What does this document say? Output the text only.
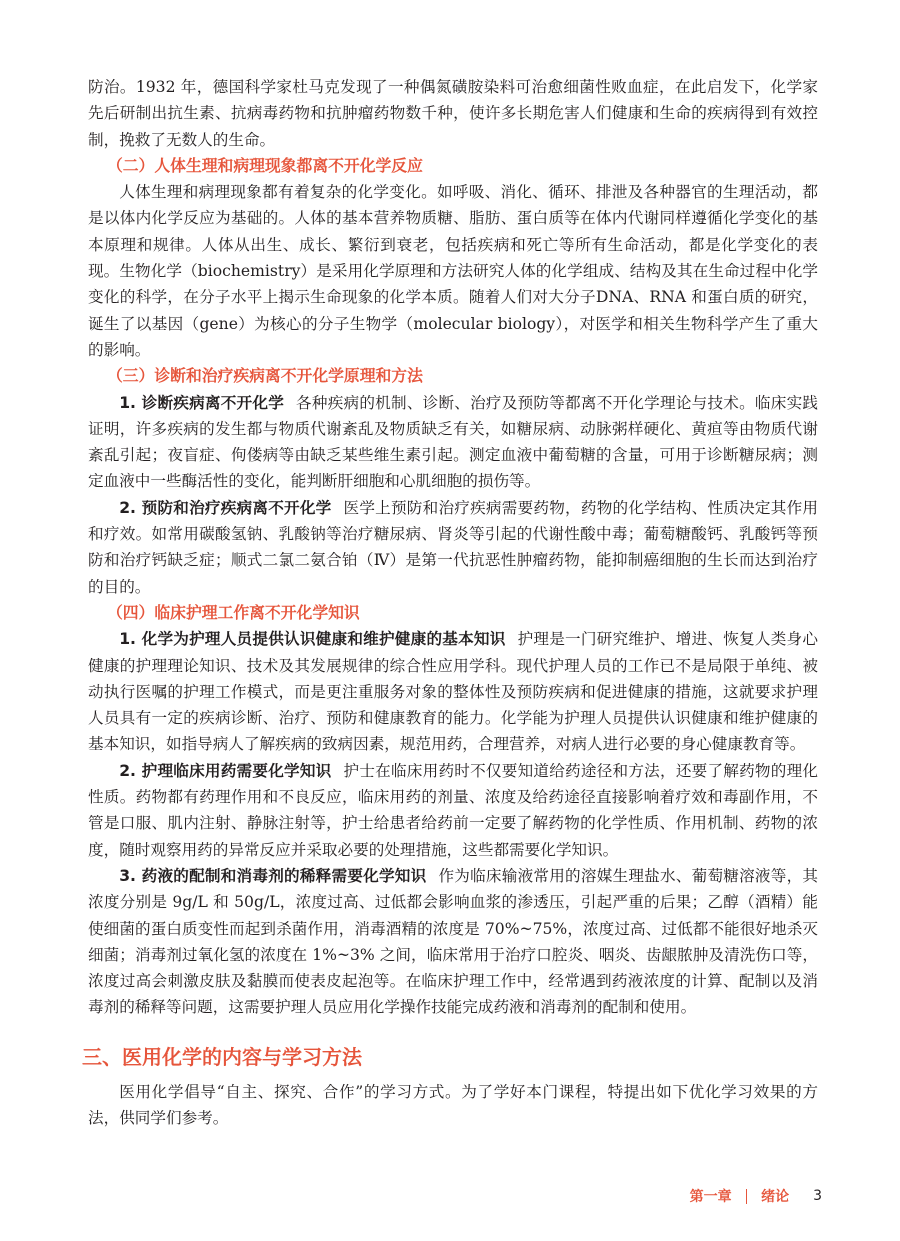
防治。1932 年，德国科学家杜马克发现了一种偶氮磺胺染料可治愈细菌性败血症，在此启发下，化学家先后研制出抗生素、抗病毒药物和抗肿瘤药物数千种，使许多长期危害人们健康和生命的疾病得到有效控制，挽救了无数人的生命。

（二）人体生理和病理现象都离不开化学反应

人体生理和病理现象都有着复杂的化学变化。如呼吸、消化、循环、排泄及各种器官的生理活动，都是以体内化学反应为基础的。人体的基本营养物质糖、脂肪、蛋白质等在体内代谢同样遵循化学变化的基本原理和规律。人体从出生、成长、繁衍到衰老，包括疾病和死亡等所有生命活动，都是化学变化的表现。生物化学（biochemistry）是采用化学原理和方法研究人体的化学组成、结构及其在生命过程中化学变化的科学，在分子水平上揭示生命现象的化学本质。随着人们对大分子DNA、RNA 和蛋白质的研究，诞生了以基因（gene）为核心的分子生物学（molecular biology），对医学和相关生物科学产生了重大的影响。

（三）诊断和治疗疾病离不开化学原理和方法

1. 诊断疾病离不开化学 各种疾病的机制、诊断、治疗及预防等都离不开化学理论与技术。临床实践证明，许多疾病的发生都与物质代谢紊乱及物质缺乏有关，如糖尿病、动脉粥样硬化、黄疸等由物质代谢紊乱引起；夜盲症、佝偻病等由缺乏某些维生素引起。测定血液中葡萄糖的含量，可用于诊断糖尿病；测定血液中一些酶活性的变化，能判断肝细胞和心肌细胞的损伤等。

2. 预防和治疗疾病离不开化学 医学上预防和治疗疾病需要药物，药物的化学结构、性质决定其作用和疗效。如常用碳酸氢钠、乳酸钠等治疗糖尿病、肾炎等引起的代谢性酸中毒；葡萄糖酸钙、乳酸钙等预防和治疗钙缺乏症；顺式二氯二氨合铂（Ⅳ）是第一代抗恶性肿瘤药物，能抑制癌细胞的生长而达到治疗的目的。

（四）临床护理工作离不开化学知识

1. 化学为护理人员提供认识健康和维护健康的基本知识 护理是一门研究维护、增进、恢复人类身心健康的护理理论知识、技术及其发展规律的综合性应用学科。现代护理人员的工作已不是局限于单纯、被动执行医嘱的护理工作模式，而是更注重服务对象的整体性及预防疾病和促进健康的措施，这就要求护理人员具有一定的疾病诊断、治疗、预防和健康教育的能力。化学能为护理人员提供认识健康和维护健康的基本知识，如指导病人了解疾病的致病因素，规范用药，合理营养，对病人进行必要的身心健康教育等。

2. 护理临床用药需要化学知识 护士在临床用药时不仅要知道给药途径和方法，还要了解药物的理化性质。药物都有药理作用和不良反应，临床用药的剂量、浓度及给药途径直接影响着疗效和毒副作用，不管是口服、肌内注射、静脉注射等，护士给患者给药前一定要了解药物的化学性质、作用机制、药物的浓度，随时观察用药的异常反应并采取必要的处理措施，这些都需要化学知识。

3. 药液的配制和消毒剂的稀释需要化学知识 作为临床输液常用的溶媒生理盐水、葡萄糖溶液等，其浓度分别是 9g/L 和 50g/L，浓度过高、过低都会影响血浆的渗透压，引起严重的后果；乙醇（酒精）能使细菌的蛋白质变性而起到杀菌作用，消毒酒精的浓度是 70%~75%，浓度过高、过低都不能很好地杀灭细菌；消毒剂过氧化氢的浓度在 1%~3% 之间，临床常用于治疗口腔炎、咽炎、齿龈脓肿及清洗伤口等，浓度过高会刺激皮肤及黏膜而使表皮起泡等。在临床护理工作中，经常遇到药液浓度的计算、配制以及消毒剂的稀释等问题，这需要护理人员应用化学操作技能完成药液和消毒剂的配制和使用。

三、医用化学的内容与学习方法

医用化学倡导“自主、探究、合作”的学习方式。为了学好本门课程，特提出如下优化学习效果的方法，供同学们参考。

第一章 绪论 3
